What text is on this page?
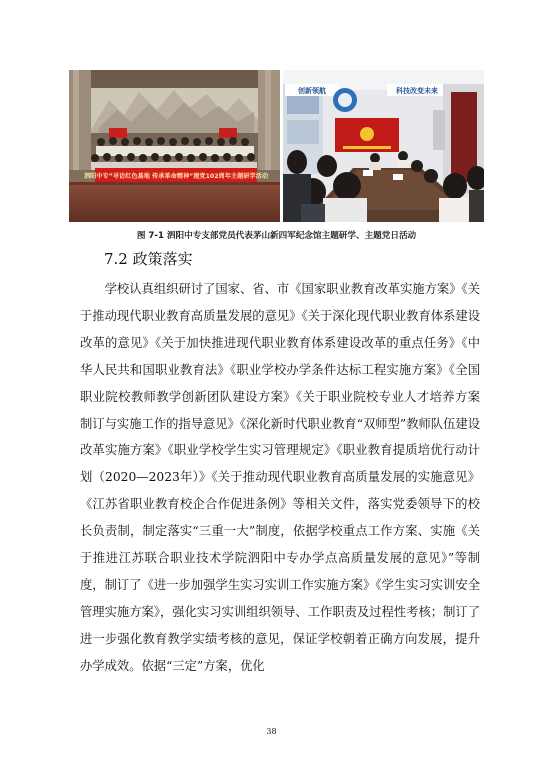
泗阳中专”寻访红色基地 传承革命精神”建党102周年主题研学活动
创新领航	科技改变未来
图 7-1 泗阳中专支部党员代表茅山新四军纪念馆主题研学、主题党日活动
7.2 政策落实

学校认真组织研讨了国家、省、市《国家职业教育改革实施方案》《关于推动现代职业教育高质量发展的意见》《关于深化现代职业教育体系建设改革的意见》《关于加快推进现代职业教育体系建设改革的重点任务》《中华人民共和国职业教育法》《职业学校办学条件达标工程实施方案》《全国职业院校教师教学创新团队建设方案》《关于职业院校专业人才培养方案 制订与实施工作的指导意见》《深化新时代职业教育“双师型”教师队伍建设改革实施方案》《职业学校学生实习管理规定》《职业教育提质培优行动计划（2020—2023年）》《关于推动现代职业教育高质量发展的实施意见》《江苏省职业教育校企合作促进条例》等相关文件，落实党委领导下的校长负责制，制定落实“三重一大”制度，依据学校重点工作方案、实施《关于推进江苏联合职业技术学院泗阳中专办学点高质量发展的意见》”等制度，制订了《进一步加强学生实习实训工作实施方案》《学生实习实训安全管理实施方案》，强化实习实训组织领导、工作职责及过程性考核；制订了进一步强化教育教学实绩考核的意见，保证学校朝着正确方向发展，提升办学成效。依据“三定”方案，优化

38
